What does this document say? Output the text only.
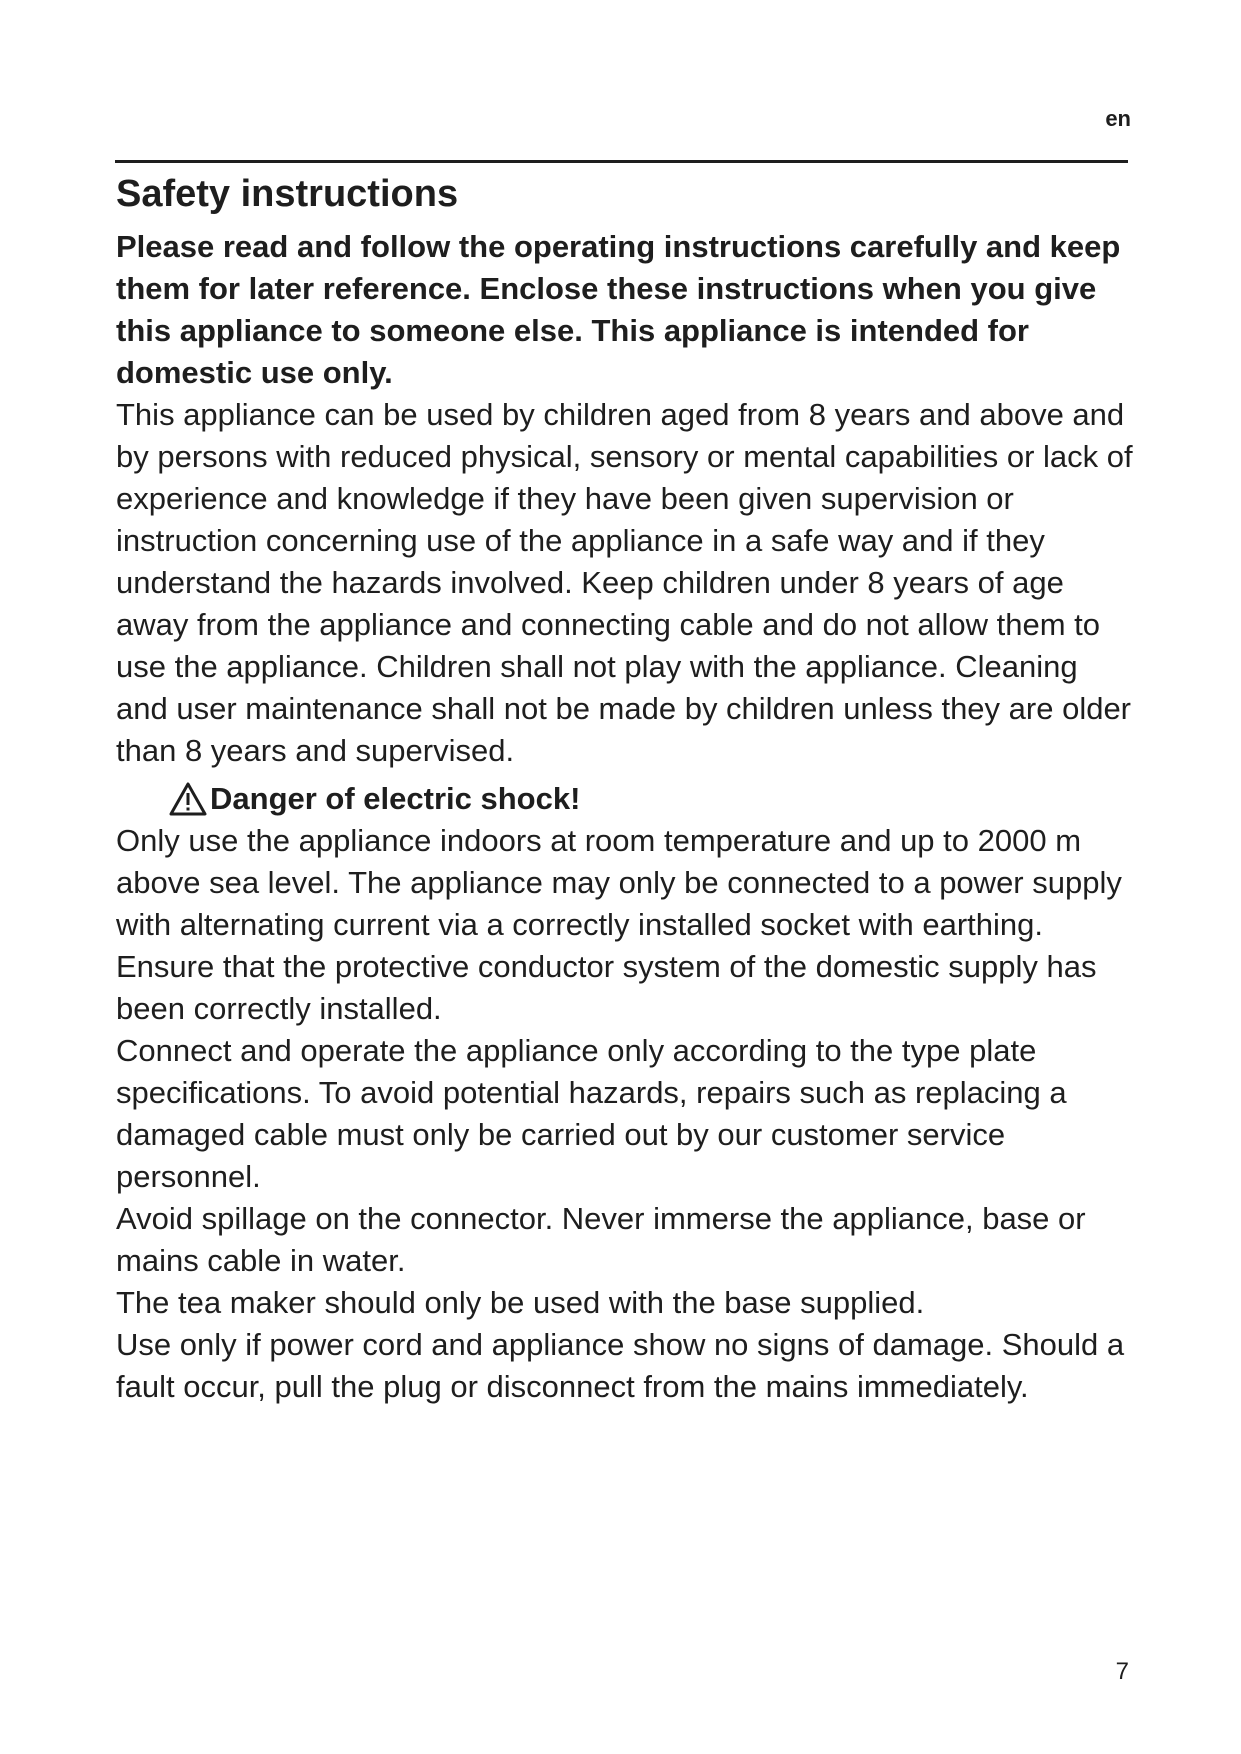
en
Safety instructions

Please read and follow the operating instructions carefully and keep them for later reference. Enclose these instructions when you give this appliance to someone else. This appliance is intended for domestic use only.

This appliance can be used by children aged from 8 years and above and by persons with reduced physical, sensory or mental capabilities or lack of experience and knowledge if they have been given supervision or instruction concerning use of the appliance in a safe way and if they understand the hazards involved. Keep children under 8 years of age away from the appliance and connecting cable and do not allow them to use the appliance. Children shall not play with the appliance. Cleaning and user maintenance shall not be made by children unless they are older than 8 years and supervised.

Danger of electric shock!

Only use the appliance indoors at room temperature and up to 2000 m above sea level. The appliance may only be connected to a power supply with alternating current via a correctly installed socket with earthing. Ensure that the protective conductor system of the domestic supply has been correctly installed.

Connect and operate the appliance only according to the type plate specifications. To avoid potential hazards, repairs such as replacing a damaged cable must only be carried out by our customer service personnel.

Avoid spillage on the connector. Never immerse the appliance, base or mains cable in water.

The tea maker should only be used with the base supplied.

Use only if power cord and appliance show no signs of damage. Should a fault occur, pull the plug or disconnect from the mains immediately.

7
